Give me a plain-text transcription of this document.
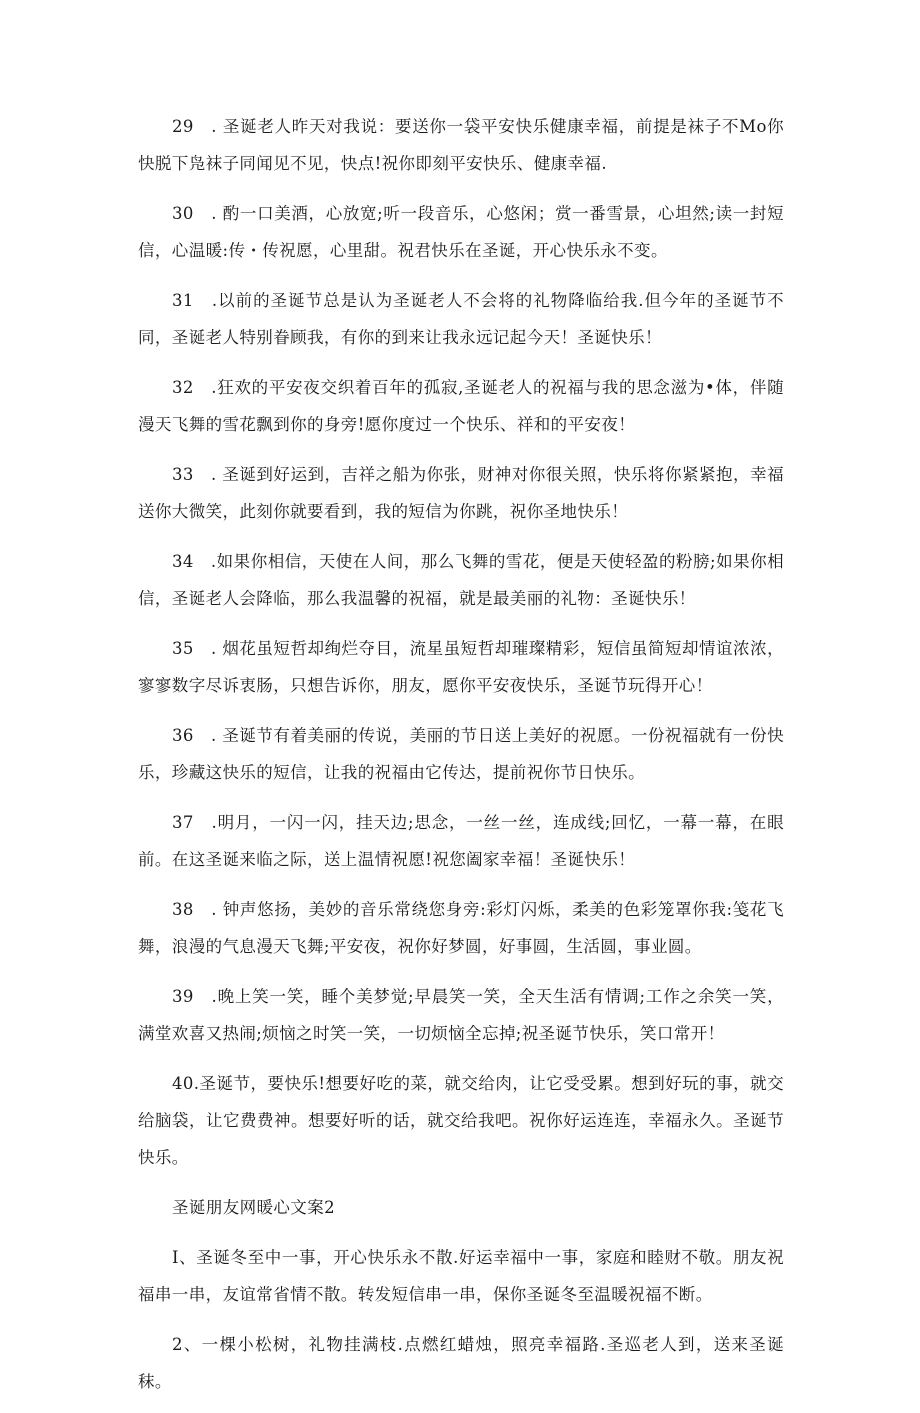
29　. 圣诞老人昨天对我说：要送你一袋平安快乐健康幸福，前提是袜子不Mo你快脱下凫袜子同闻见不见，快点!祝你即刻平安快乐、健康幸福.

30　. 酌一口美酒，心放宽;听一段音乐，心悠闲；赏一番雪景，心坦然;读一封短信，心温暖:传・传祝愿，心里甜。祝君快乐在圣诞，开心快乐永不变。

31　.以前的圣诞节总是认为圣诞老人不会将的礼物降临给我.但今年的圣诞节不同，圣诞老人特别眷顾我，有你的到来让我永远记起今天！圣诞快乐！

32　.狂欢的平安夜交织着百年的孤寂,圣诞老人的祝福与我的思念滋为•体，伴随漫天飞舞的雪花飘到你的身旁!愿你度过一个快乐、祥和的平安夜！

33　. 圣诞到好运到，吉祥之船为你张，财神对你很关照，快乐将你紧紧抱，幸福送你大微笑，此刻你就要看到，我的短信为你跳，祝你圣地快乐！

34　.如果你相信，天使在人间，那么飞舞的雪花，便是天使轻盈的粉膀;如果你相信，圣诞老人会降临，那么我温馨的祝福，就是最美丽的礼物：圣诞快乐！

35　. 烟花虽短哲却绚烂夺目，流星虽短哲却璀璨精彩，短信虽简短却情谊浓浓，寥寥数字尽诉衷肠，只想告诉你，朋友，愿你平安夜快乐，圣诞节玩得开心！

36　. 圣诞节有着美丽的传说，美丽的节日送上美好的祝愿。一份祝福就有一份快乐，珍藏这快乐的短信，让我的祝福由它传达，提前祝你节日快乐。

37　.明月，一闪一闪，挂天边;思念，一丝一丝，连成线;回忆，一幕一幕，在眼前。在这圣诞来临之际，送上温情祝愿!祝您阖家幸福！圣诞快乐！

38　. 钟声悠扬，美妙的音乐常绕您身旁:彩灯闪烁，柔美的色彩笼罩你我:笺花飞舞，浪漫的气息漫天飞舞;平安夜，祝你好梦圆，好事圆，生活圆，事业圆。

39　.晚上笑一笑，睡个美梦觉;早晨笑一笑，全天生活有情调;工作之余笑一笑，满堂欢喜又热闹;烦恼之时笑一笑，一切烦恼全忘掉;祝圣诞节快乐，笑口常开！

40.圣诞节，要快乐!想要好吃的菜，就交给肉，让它受受累。想到好玩的事，就交给脑袋，让它费费神。想要好听的话，就交给我吧。祝你好运连连，幸福永久。圣诞节快乐。

圣诞朋友网暖心文案2

I、圣诞冬至中一事，开心快乐永不散.好运幸福中一事，家庭和睦财不敬。朋友祝福串一串，友谊常省情不散。转发短信串一串，保你圣诞冬至温暖祝福不断。

2、一棵小松树，礼物挂满枝.点燃红蜡烛，照亮幸福路.圣巡老人到，送来圣诞秣。
